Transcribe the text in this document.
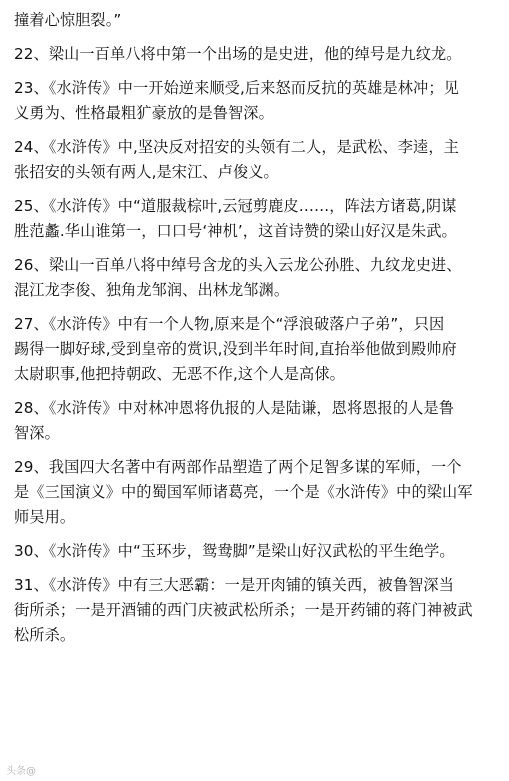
撞着心惊胆裂。”

22、梁山一百单八将中第一个出场的是史进，他的绰号是九纹龙。

23、《水浒传》中一开始逆来顺受,后来怒而反抗的英雄是林冲；见

义勇为、性格最粗犷豪放的是鲁智深。

24、《水浒传》中,坚决反对招安的头领有二人，是武松、李逵，主

张招安的头领有两人,是宋江、卢俊义。

25、《水浒传》中“道服裁棕叶,云冠剪鹿皮……，阵法方诸葛,阴谋

胜范蠡.华山谁第一，口口号‘神机’，这首诗赞的梁山好汉是朱武。

26、梁山一百单八将中绰号含龙的头入云龙公孙胜、九纹龙史进、

混江龙李俊、独角龙邹润、出林龙邹渊。

27、《水浒传》中有一个人物,原来是个“浮浪破落户子弟”，只因

踢得一脚好球,受到皇帝的赏识,没到半年时间,直抬举他做到殿帅府

太尉职事,他把持朝政、无恶不作,这个人是高俅。

28、《水浒传》中对林冲恩将仇报的人是陆谦，恩将恩报的人是鲁

智深。

29、我国四大名著中有两部作品塑造了两个足智多谋的军师，一个

是《三国演义》中的蜀国军师诸葛亮，一个是《水浒传》中的梁山军

师吴用。

30、《水浒传》中“玉环步，鸳鸯脚”是梁山好汉武松的平生绝学。

31、《水浒传》中有三大恶霸：一是开肉铺的镇关西，被鲁智深当

街所杀；一是开酒铺的西门庆被武松所杀；一是开药铺的蒋门神被武

松所杀。

头条@
